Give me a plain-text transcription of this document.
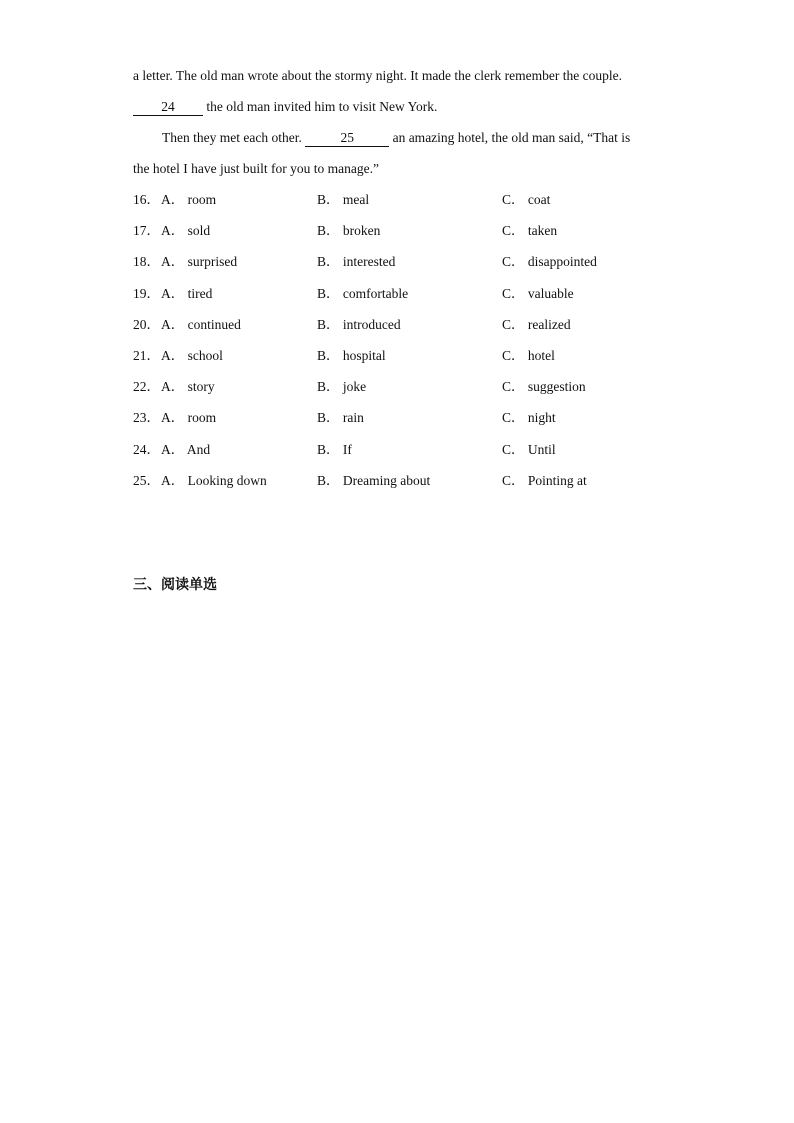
a letter. The old man wrote about the stormy night. It made the clerk remember the couple.
24 the old man invited him to visit New York.
Then they met each other.	25	an amazing hotel, the old man said, “That is
the hotel I have just built for you to manage.”
16． A． room	B． meal	C． coat
17． A． sold	B． broken	C． taken
18． A． surprised	B． interested	C． disappointed
19． A． tired	B． comfortable	C． valuable
20． A． continued	B． introduced	C． realized
21． A． school	B． hospital	C． hotel
22． A． story	B． joke	C． suggestion
23． A． room	B． rain	C． night
24． A． And	B． If	C． Until
25． A． Looking down	B． Dreaming about	C． Pointing at
三、阅读单选
